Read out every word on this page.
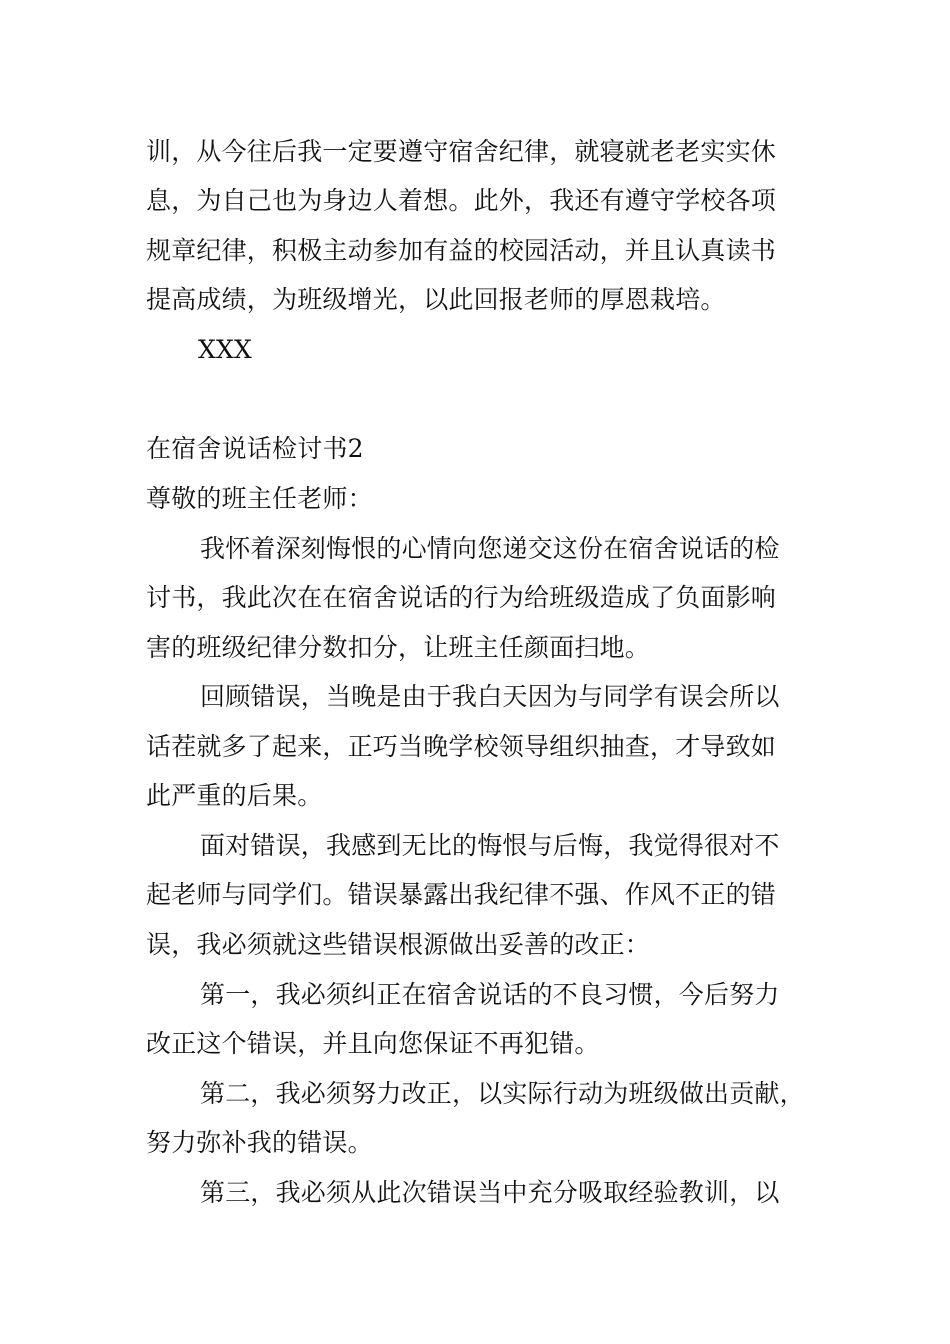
训，从今往后我一定要遵守宿舍纪律，就寝就老老实实休
息，为自己也为身边人着想。此外，我还有遵守学校各项
规章纪律，积极主动参加有益的校园活动，并且认真读书
提高成绩，为班级增光，以此回报老师的厚恩栽培。
XXX
在宿舍说话检讨书2
尊敬的班主任老师：
我怀着深刻悔恨的心情向您递交这份在宿舍说话的检
讨书，我此次在在宿舍说话的行为给班级造成了负面影响
害的班级纪律分数扣分，让班主任颜面扫地。
回顾错误，当晚是由于我白天因为与同学有误会所以
话茬就多了起来，正巧当晚学校领导组织抽查，才导致如
此严重的后果。
面对错误，我感到无比的悔恨与后悔，我觉得很对不
起老师与同学们。错误暴露出我纪律不强、作风不正的错
误，我必须就这些错误根源做出妥善的改正：
第一，我必须纠正在宿舍说话的不良习惯，今后努力
改正这个错误，并且向您保证不再犯错。
第二，我必须努力改正，以实际行动为班级做出贡献，
努力弥补我的错误。
第三，我必须从此次错误当中充分吸取经验教训，以
